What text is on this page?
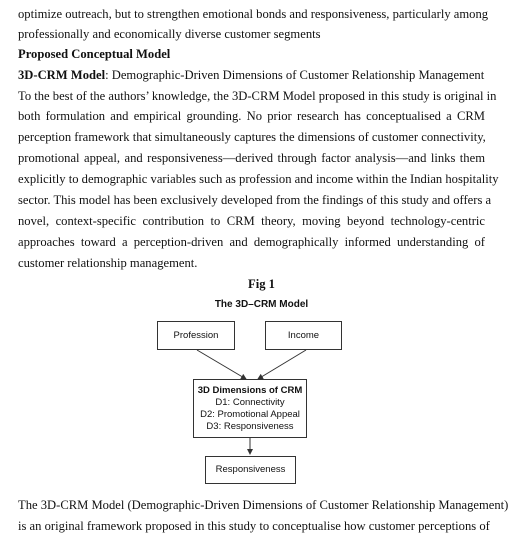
optimize outreach, but to strengthen emotional bonds and responsiveness, particularly among
professionally and economically diverse customer segments
Proposed Conceptual Model
3D-CRM Model: Demographic-Driven Dimensions of Customer Relationship Management
To the best of the authors’ knowledge, the 3D-CRM Model proposed in this study is original in
both formulation and empirical grounding. No prior research has conceptualised a CRM
perception framework that simultaneously captures the dimensions of customer connectivity,
promotional appeal, and responsiveness—derived through factor analysis—and links them
explicitly to demographic variables such as profession and income within the Indian hospitality
sector. This model has been exclusively developed from the findings of this study and offers a
novel, context-specific contribution to CRM theory, moving beyond technology-centric
approaches toward a perception-driven and demographically informed understanding of
customer relationship management.
Fig 1
The 3D–CRM Model
Profession	Income
3D Dimensions of CRM
D1: Connectivity
D2: Promotional Appeal
D3: Responsiveness
Responsiveness
The 3D-CRM Model (Demographic-Driven Dimensions of Customer Relationship Management)
is an original framework proposed in this study to conceptualise how customer perceptions of
